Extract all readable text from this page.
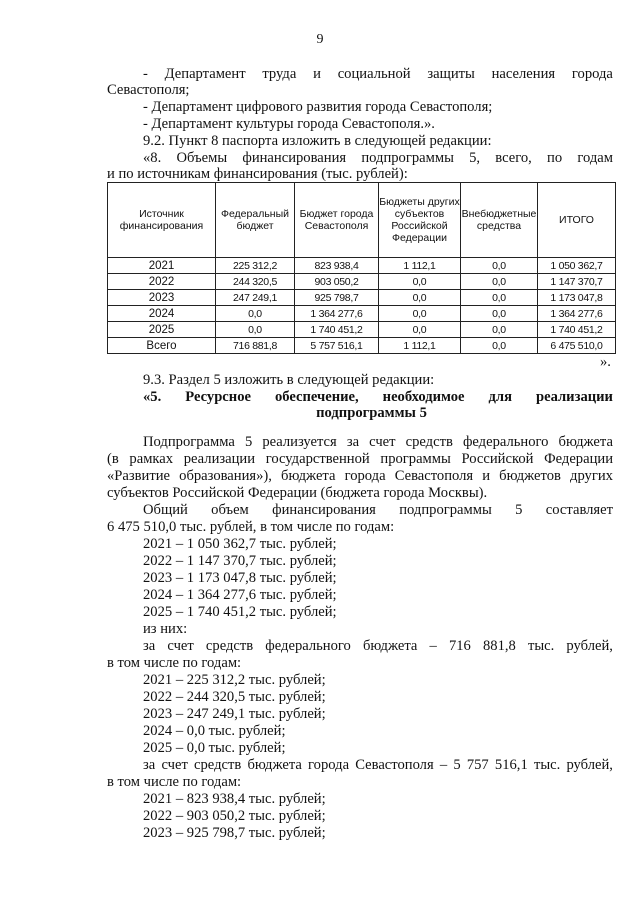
9
- Департамент труда и социальной защиты населения города
Севастополя;
- Департамент цифрового развития города Севастополя;
- Департамент культуры города Севастополя.».
9.2. Пункт 8 паспорта изложить в следующей редакции:
«8. Объемы финансирования подпрограммы 5, всего, по годам
и по источникам финансирования (тыс. рублей):
Источник финансирования	Федеральный бюджет	Бюджет города Севастополя	Бюджеты других субъектов Российской Федерации	Внебюджетные средства	ИТОГО
2021	225 312,2	823 938,4	1 112,1	0,0	1 050 362,7
2022	244 320,5	903 050,2	0,0	0,0	1 147 370,7
2023	247 249,1	925 798,7	0,0	0,0	1 173 047,8
2024	0,0	1 364 277,6	0,0	0,0	1 364 277,6
2025	0,0	1 740 451,2	0,0	0,0	1 740 451,2
Всего	716 881,8	5 757 516,1	1 112,1	0,0	6 475 510,0
».
9.3. Раздел 5 изложить в следующей редакции:
«5. Ресурсное обеспечение, необходимое для реализации
подпрограммы 5
Подпрограмма 5 реализуется за счет средств федерального бюджета
(в рамках реализации государственной программы Российской Федерации
«Развитие образования»), бюджета города Севастополя и бюджетов других
субъектов Российской Федерации (бюджета города Москвы).
Общий объем финансирования подпрограммы 5 составляет
6 475 510,0 тыс. рублей, в том числе по годам:
2021 – 1 050 362,7 тыс. рублей;
2022 – 1 147 370,7 тыс. рублей;
2023 – 1 173 047,8 тыс. рублей;
2024 – 1 364 277,6 тыс. рублей;
2025 – 1 740 451,2 тыс. рублей;
из них:
за счет средств федерального бюджета – 716 881,8 тыс. рублей,
в том числе по годам:
2021 – 225 312,2 тыс. рублей;
2022 – 244 320,5 тыс. рублей;
2023 – 247 249,1 тыс. рублей;
2024 – 0,0 тыс. рублей;
2025 – 0,0 тыс. рублей;
за счет средств бюджета города Севастополя – 5 757 516,1 тыс. рублей,
в том числе по годам:
2021 – 823 938,4 тыс. рублей;
2022 – 903 050,2 тыс. рублей;
2023 – 925 798,7 тыс. рублей;
